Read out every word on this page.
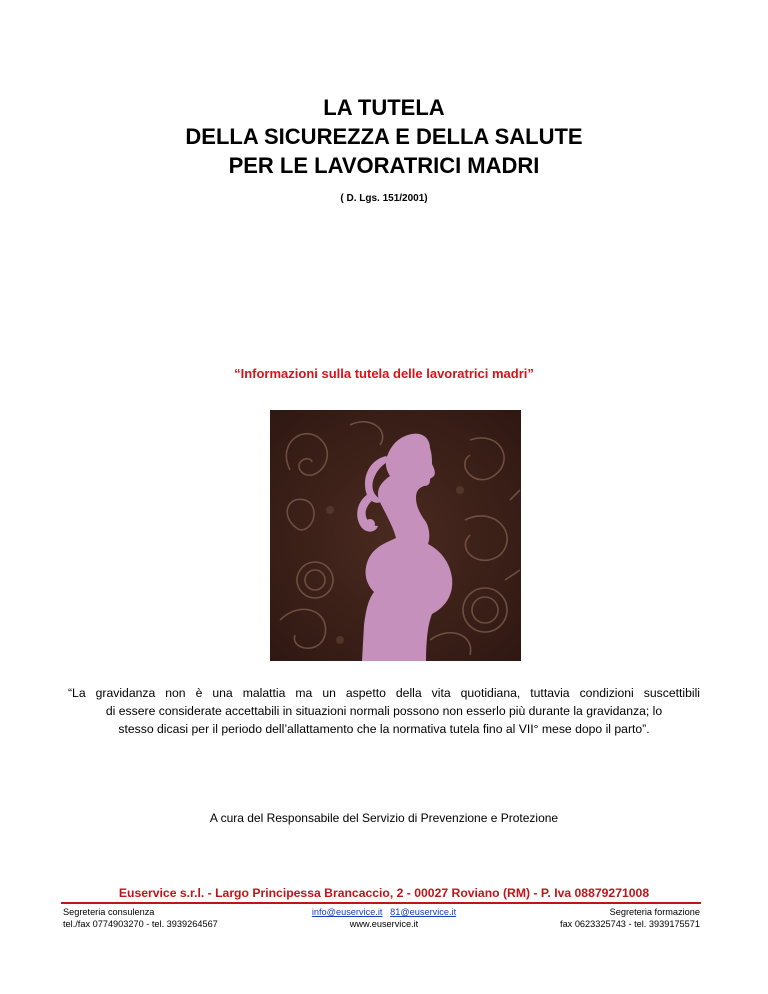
LA TUTELA
DELLA SICUREZZA E DELLA SALUTE
PER LE LAVORATRICI MADRI
( D. Lgs. 151/2001)
“Informazioni sulla tutela delle lavoratrici madri”
“La gravidanza non è una malattia ma un aspetto della vita quotidiana, tuttavia condizioni suscettibili
di essere considerate accettabili in situazioni normali possono non esserlo più durante la gravidanza; lo
stesso dicasi per il periodo dell’allattamento che la normativa tutela fino al VII° mese dopo il parto”.
A cura del Responsabile del Servizio di Prevenzione e Protezione
Euservice s.r.l. - Largo Principessa Brancaccio, 2 - 00027 Roviano (RM) - P. Iva 08879271008
Segreteria consulenza
tel./fax 0774903270 - tel. 3939264567
info@euservice.it 81@euservice.it
www.euservice.it
Segreteria formazione
fax 0623325743 - tel. 3939175571
